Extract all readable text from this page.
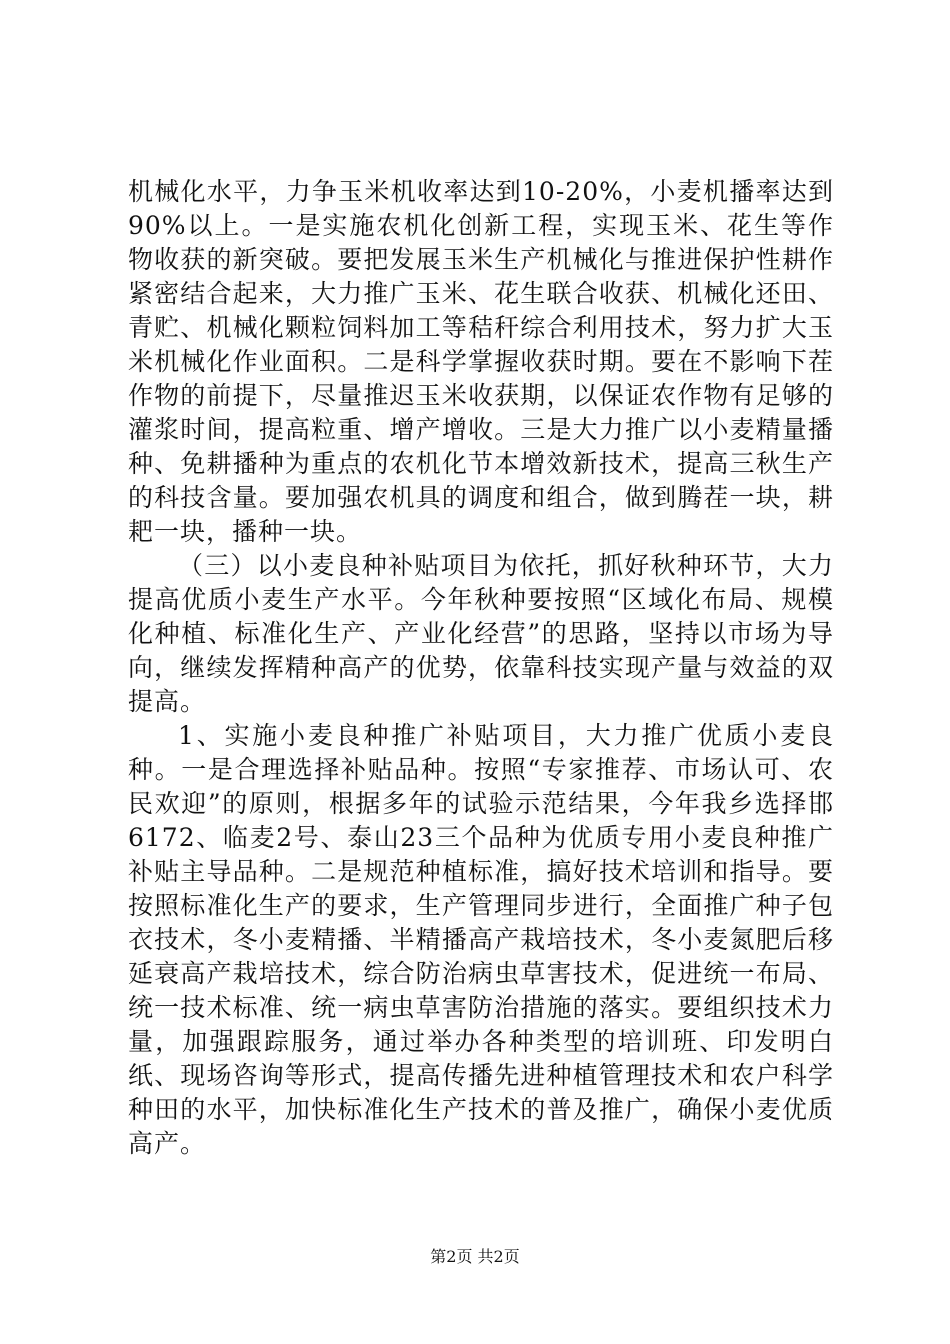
机械化水平，力争玉米机收率达到10-20%，小麦机播率达到90%以上。一是实施农机化创新工程，实现玉米、花生等作物收获的新突破。要把发展玉米生产机械化与推进保护性耕作紧密结合起来，大力推广玉米、花生联合收获、机械化还田、青贮、机械化颗粒饲料加工等秸秆综合利用技术，努力扩大玉米机械化作业面积。二是科学掌握收获时期。要在不影响下茬作物的前提下，尽量推迟玉米收获期，以保证农作物有足够的灌浆时间，提高粒重、增产增收。三是大力推广以小麦精量播种、免耕播种为重点的农机化节本增效新技术，提高三秋生产的科技含量。要加强农机具的调度和组合，做到腾茬一块，耕耙一块，播种一块。

（三）以小麦良种补贴项目为依托，抓好秋种环节，大力提高优质小麦生产水平。今年秋种要按照“区域化布局、规模化种植、标准化生产、产业化经营”的思路，坚持以市场为导向，继续发挥精种高产的优势，依靠科技实现产量与效益的双提高。

1、实施小麦良种推广补贴项目，大力推广优质小麦良种。一是合理选择补贴品种。按照“专家推荐、市场认可、农民欢迎”的原则，根据多年的试验示范结果，今年我乡选择邯6172、临麦2号、泰山23三个品种为优质专用小麦良种推广补贴主导品种。二是规范种植标准，搞好技术培训和指导。要按照标准化生产的要求，生产管理同步进行，全面推广种子包衣技术，冬小麦精播、半精播高产栽培技术，冬小麦氮肥后移延衰高产栽培技术，综合防治病虫草害技术，促进统一布局、统一技术标准、统一病虫草害防治措施的落实。要组织技术力量，加强跟踪服务，通过举办各种类型的培训班、印发明白纸、现场咨询等形式，提高传播先进种植管理技术和农户科学种田的水平，加快标准化生产技术的普及推广，确保小麦优质高产。

第2页 共2页
